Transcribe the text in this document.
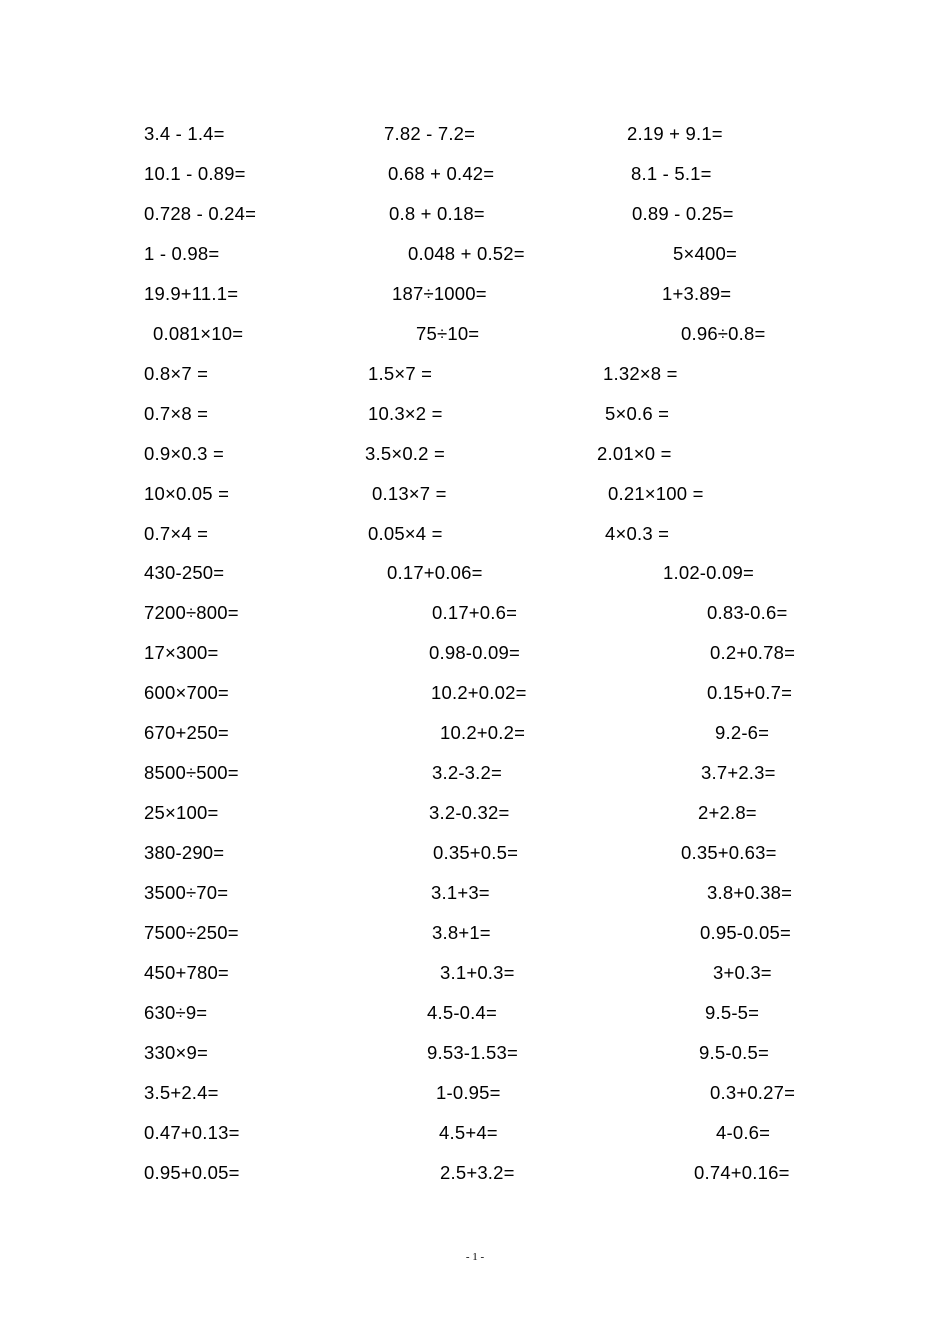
3.4 - 1.4=	7.82 - 7.2=	2.19 + 9.1=
10.1 - 0.89=	0.68 + 0.42=	8.1 - 5.1=
0.728 - 0.24=	0.8 + 0.18=	0.89 - 0.25=
1 - 0.98=	0.048 + 0.52=	5×400=
19.9+11.1=	187÷1000=	1+3.89=
0.081×10=	75÷10=	0.96÷0.8=
0.8×7 =	1.5×7 =	1.32×8 =
0.7×8 =	10.3×2 =	5×0.6 =
0.9×0.3 =	3.5×0.2 =	2.01×0 =
10×0.05 =	0.13×7 =	0.21×100 =
0.7×4 =	0.05×4 =	4×0.3 =
430-250=	0.17+0.06=	1.02-0.09=
7200÷800=	0.17+0.6=	0.83-0.6=
17×300=	0.98-0.09=	0.2+0.78=
600×700=	10.2+0.02=	0.15+0.7=
670+250=	10.2+0.2=	9.2-6=
8500÷500=	3.2-3.2=	3.7+2.3=
25×100=	3.2-0.32=	2+2.8=
380-290=	0.35+0.5=	0.35+0.63=
3500÷70=	3.1+3=	3.8+0.38=
7500÷250=	3.8+1=	0.95-0.05=
450+780=	3.1+0.3=	3+0.3=
630÷9=	4.5-0.4=	9.5-5=
330×9=	9.53-1.53=	9.5-0.5=
3.5+2.4=	1-0.95=	0.3+0.27=
0.47+0.13=	4.5+4=	4-0.6=
0.95+0.05=	2.5+3.2=	0.74+0.16=
- 1 -
